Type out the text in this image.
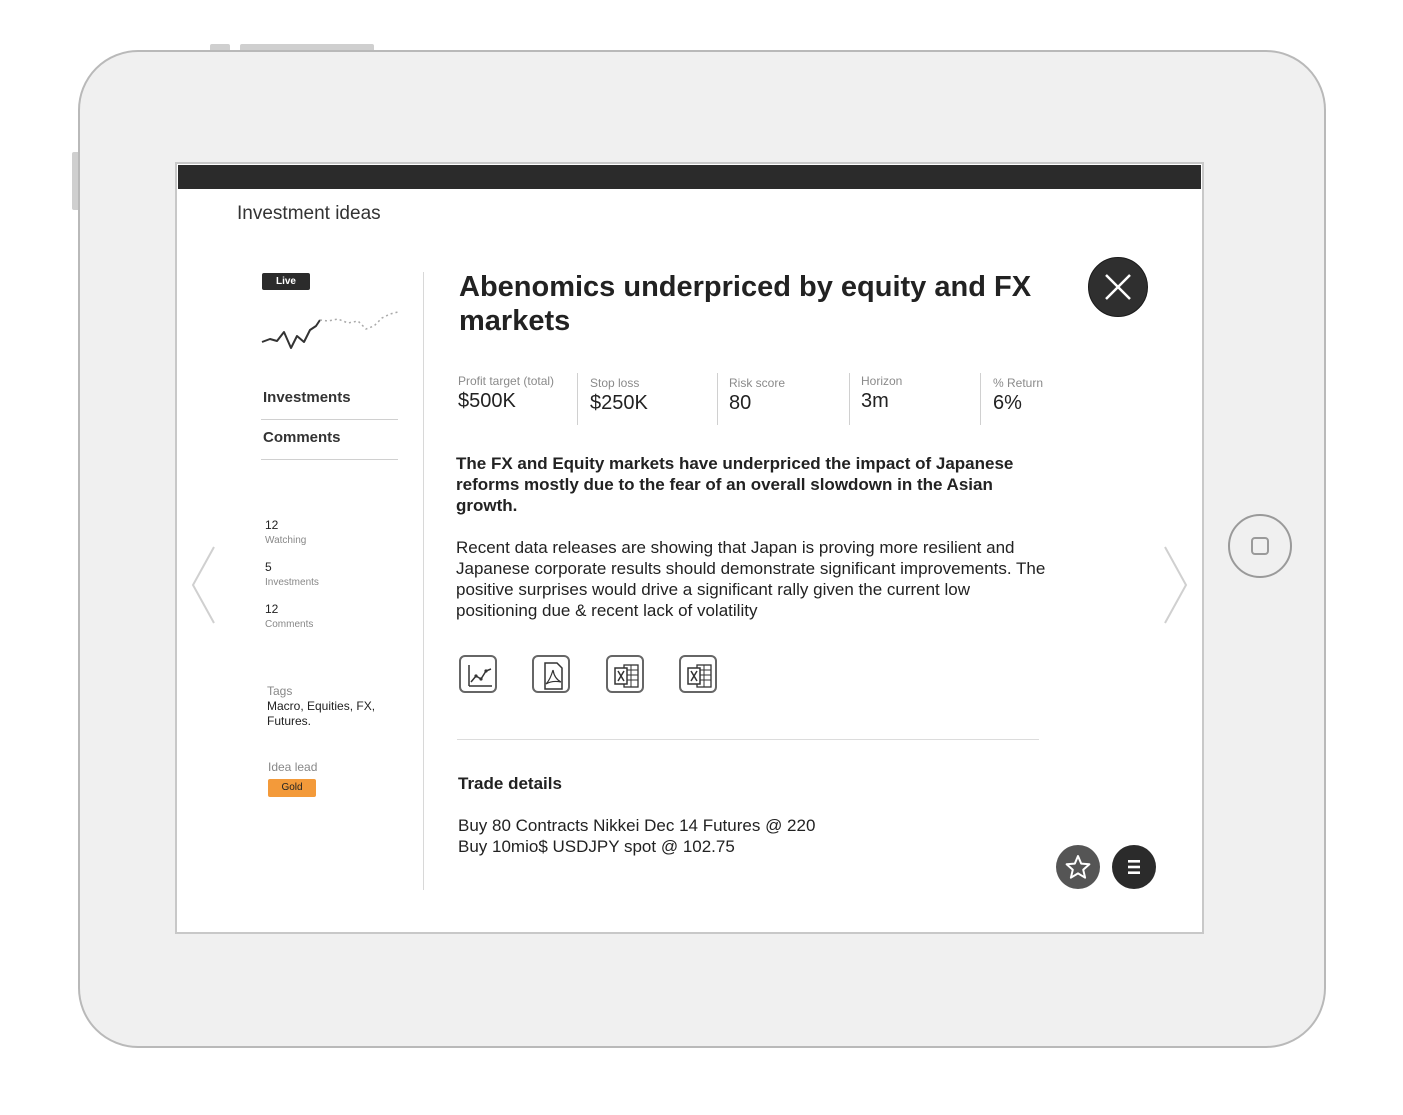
Investment ideas
Live
Investments
Comments
12
Watching
5
Investments
12
Comments
Tags
Macro, Equities, FX, Futures.
Idea lead
Gold
Abenomics underpriced by equity and FX markets
Profit target (total)
$500K
Stop loss
$250K
Risk score
80
Horizon
3m
% Return
6%
The FX and Equity markets have underpriced the impact of Japanese reforms mostly due to the fear of an overall slowdown in the Asian growth.
Recent data releases are showing that Japan is proving more resilient and Japanese corporate results should demonstrate significant improvements. The positive surprises would drive a significant rally given the current low positioning due & recent lack of volatility
Trade details
Buy 80 Contracts Nikkei Dec 14 Futures @ 220
Buy 10mio$ USDJPY spot @ 102.75
